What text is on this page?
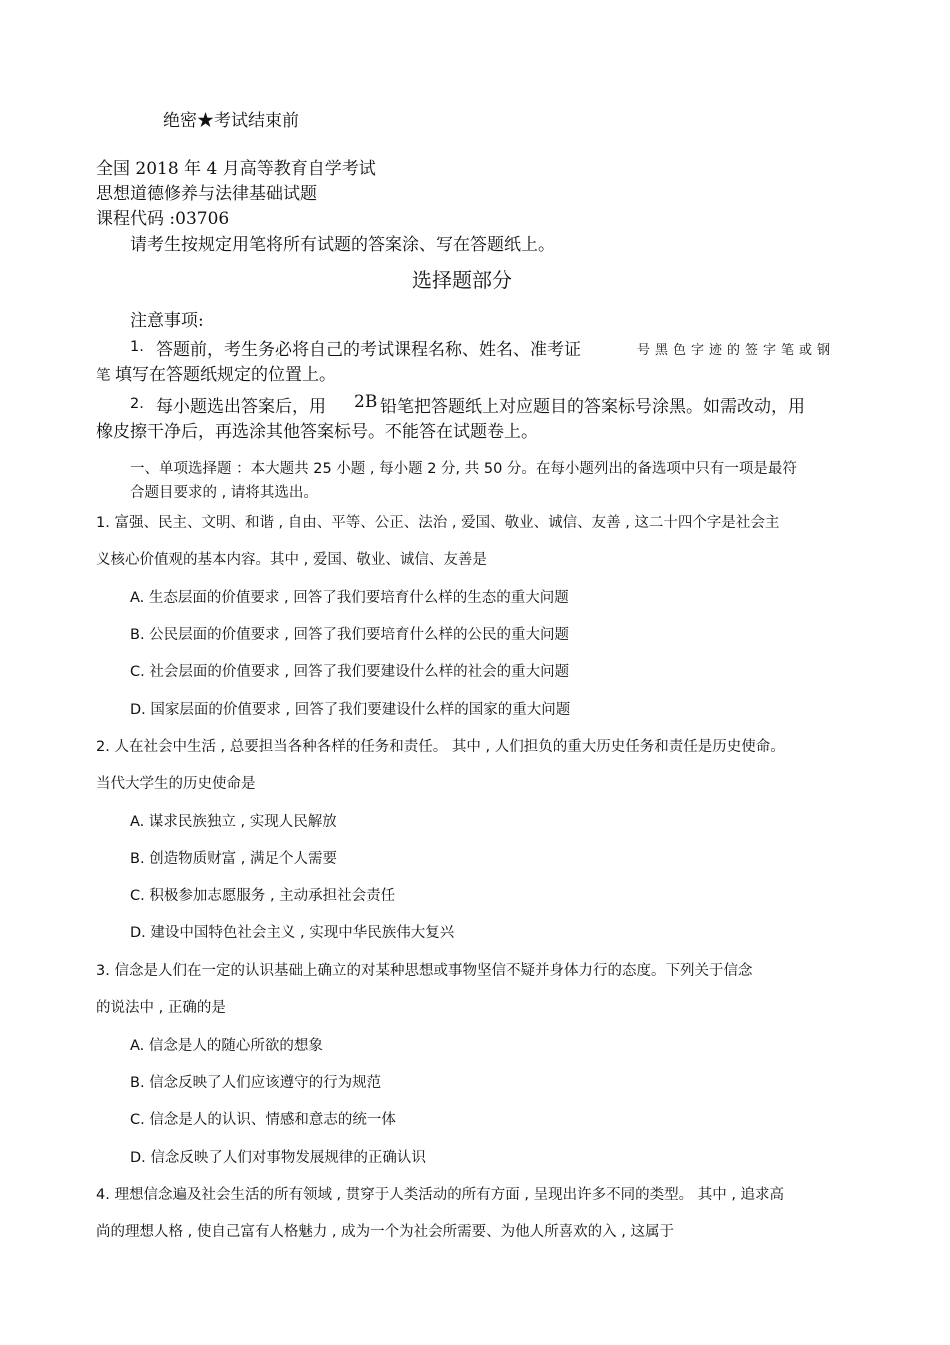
绝密★考试结束前
全国 2018 年 4 月高等教育自学考试
思想道德修养与法律基础试题
课程代码 :03706
请考生按规定用笔将所有试题的答案涂、写在答题纸上。
选择题部分
注意事项:
1. 答题前，考生务必将自己的考试课程名称、姓名、准考证	号黑色字迹的签字笔或钢
笔 填写在答题纸规定的位置上。
2. 每小题选出答案后，用 2B 铅笔把答题纸上对应题目的答案标号涂黑。如需改动，用
橡皮擦干净后，再选涂其他答案标号。不能答在试题卷上。
一、单项选择题 ：本大题共 25 小题 , 每小题 2 分, 共 50 分。在每小题列出的备选项中只有一项是最符
合题目要求的 , 请将其选出。
1. 富强、民主、文明、和谐 , 自由、平等、公正、法治 , 爱国、敬业、诚信、友善 , 这二十四个字是社会主
义核心价值观的基本内容。其中 , 爱国、敬业、诚信、友善是
A. 生态层面的价值要求 , 回答了我们要培育什么样的生态的重大问题
B. 公民层面的价值要求 , 回答了我们要培育什么样的公民的重大问题
C. 社会层面的价值要求 , 回答了我们要建设什么样的社会的重大问题
D. 国家层面的价值要求 , 回答了我们要建设什么样的国家的重大问题
2. 人在社会中生活 , 总要担当各种各样的任务和责任。 其中 , 人们担负的重大历史任务和责任是历史使命。
当代大学生的历史使命是
A. 谋求民族独立 , 实现人民解放
B. 创造物质财富 , 满足个人需要
C. 积极参加志愿服务 , 主动承担社会责任
D. 建设中国特色社会主义 , 实现中华民族伟大复兴
3. 信念是人们在一定的认识基础上确立的对某种思想或事物坚信不疑并身体力行的态度。下列关于信念
的说法中 , 正确的是
A. 信念是人的随心所欲的想象
B. 信念反映了人们应该遵守的行为规范
C. 信念是人的认识、情感和意志的统一体
D. 信念反映了人们对事物发展规律的正确认识
4. 理想信念遍及社会生活的所有领域 , 贯穿于人类活动的所有方面 , 呈现出许多不同的类型。 其中 , 追求高
尚的理想人格 , 使自己富有人格魅力 , 成为一个为社会所需要、为他人所喜欢的入 , 这属于
